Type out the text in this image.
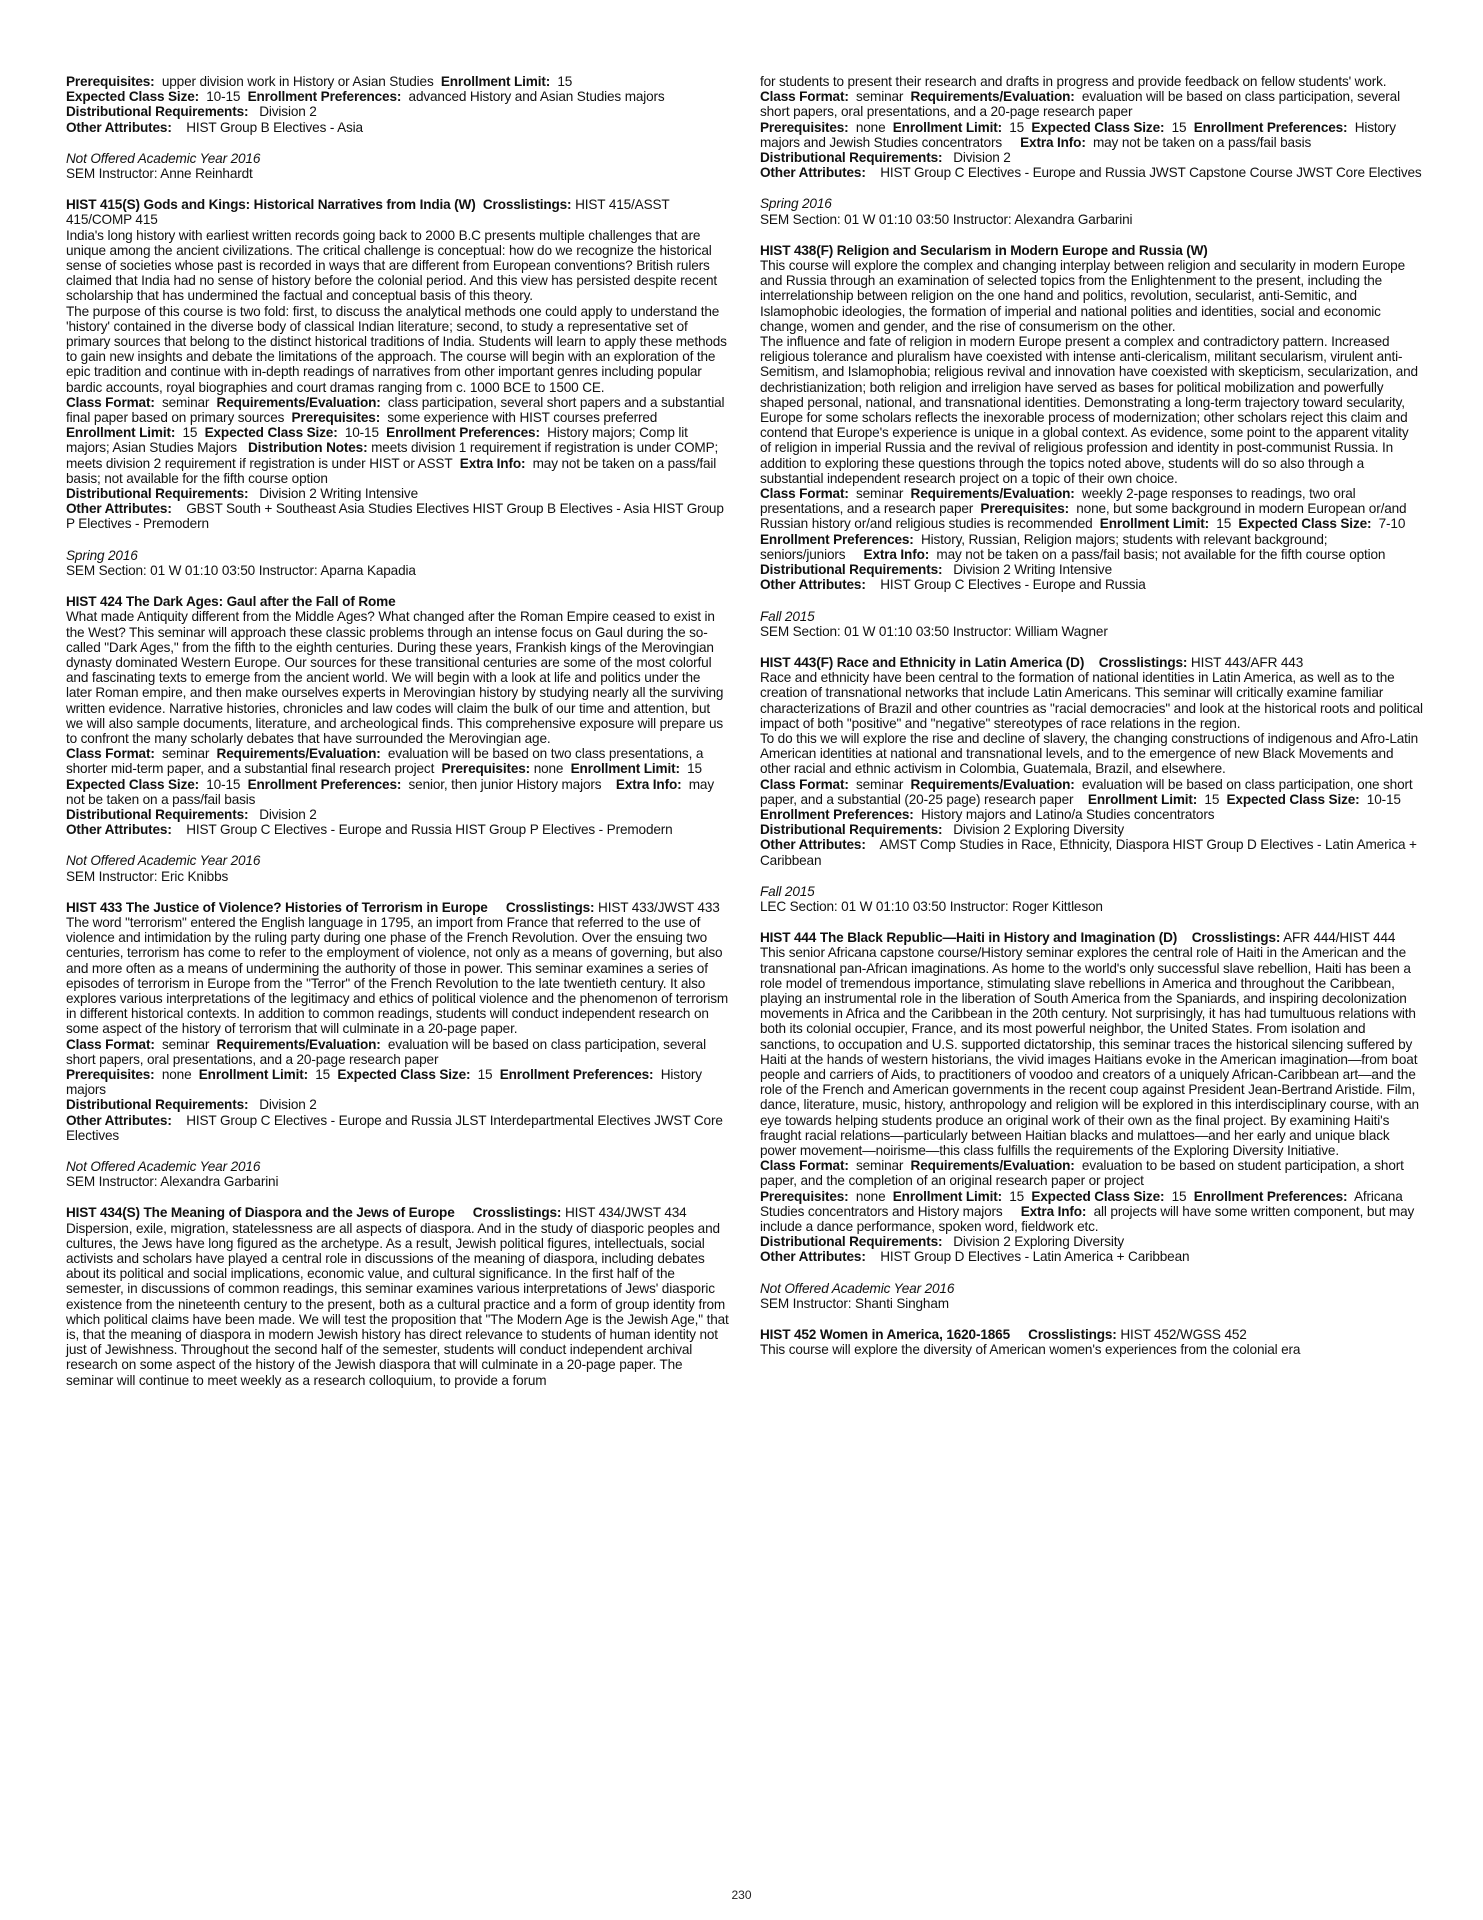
Prerequisites: upper division work in History or Asian Studies Enrollment Limit: 15
Expected Class Size: 10-15 Enrollment Preferences: advanced History and Asian Studies majors
Distributional Requirements: Division 2
Other Attributes: HIST Group B Electives - Asia
Not Offered Academic Year 2016
SEM Instructor: Anne Reinhardt
HIST 415(S) Gods and Kings: Historical Narratives from India (W) Crosslistings: HIST 415/ASST 415/COMP 415
India's long history with earliest written records going back to 2000 B.C presents multiple challenges that are unique among the ancient civilizations. The critical challenge is conceptual: how do we recognize the historical sense of societies whose past is recorded in ways that are different from European conventions? British rulers claimed that India had no sense of history before the colonial period. And this view has persisted despite recent scholarship that has undermined the factual and conceptual basis of this theory.
The purpose of this course is two fold: first, to discuss the analytical methods one could apply to understand the 'history' contained in the diverse body of classical Indian literature; second, to study a representative set of primary sources that belong to the distinct historical traditions of India. Students will learn to apply these methods to gain new insights and debate the limitations of the approach. The course will begin with an exploration of the epic tradition and continue with in-depth readings of narratives from other important genres including popular bardic accounts, royal biographies and court dramas ranging from c. 1000 BCE to 1500 CE.
Class Format: seminar Requirements/Evaluation: class participation, several short papers and a substantial final paper based on primary sources Prerequisites: some experience with HIST courses preferred  Enrollment Limit: 15 Expected Class Size: 10-15 Enrollment Preferences: History majors; Comp lit majors; Asian Studies Majors Distribution Notes: meets division 1 requirement if registration is under COMP; meets division 2 requirement if registration is under HIST or ASST Extra Info: may not be taken on a pass/fail basis; not available for the fifth course option
Distributional Requirements: Division 2 Writing Intensive
Other Attributes: GBST South + Southeast Asia Studies Electives HIST Group B Electives - Asia HIST Group P Electives - Premodern
Spring 2016
SEM Section: 01 W 01:10 03:50 Instructor: Aparna Kapadia
HIST 424 The Dark Ages: Gaul after the Fall of Rome
What made Antiquity different from the Middle Ages? What changed after the Roman Empire ceased to exist in the West? This seminar will approach these classic problems through an intense focus on Gaul during the so-called "Dark Ages," from the fifth to the eighth centuries. During these years, Frankish kings of the Merovingian dynasty dominated Western Europe. Our sources for these transitional centuries are some of the most colorful and fascinating texts to emerge from the ancient world. We will begin with a look at life and politics under the later Roman empire, and then make ourselves experts in Merovingian history by studying nearly all the surviving written evidence. Narrative histories, chronicles and law codes will claim the bulk of our time and attention, but we will also sample documents, literature, and archeological finds. This comprehensive exposure will prepare us to confront the many scholarly debates that have surrounded the Merovingian age.
Class Format: seminar Requirements/Evaluation: evaluation will be based on two class presentations, a shorter mid-term paper, and a substantial final research project Prerequisites: none Enrollment Limit: 15  Expected Class Size: 10-15 Enrollment Preferences: senior, then junior History majors Extra Info: may not be taken on a pass/fail basis
Distributional Requirements: Division 2
Other Attributes: HIST Group C Electives - Europe and Russia HIST Group P Electives - Premodern
Not Offered Academic Year 2016
SEM Instructor: Eric Knibbs
HIST 433 The Justice of Violence? Histories of Terrorism in Europe Crosslistings: HIST 433/JWST 433
The word "terrorism" entered the English language in 1795, an import from France that referred to the use of violence and intimidation by the ruling party during one phase of the French Revolution. Over the ensuing two centuries, terrorism has come to refer to the employment of violence, not only as a means of governing, but also and more often as a means of undermining the authority of those in power. This seminar examines a series of episodes of terrorism in Europe from the "Terror" of the French Revolution to the late twentieth century. It also explores various interpretations of the legitimacy and ethics of political violence and the phenomenon of terrorism in different historical contexts. In addition to common readings, students will conduct independent research on some aspect of the history of terrorism that will culminate in a 20-page paper.
Class Format: seminar Requirements/Evaluation: evaluation will be based on class participation, several short papers, oral presentations, and a 20-page research paper
Prerequisites: none Enrollment Limit: 15 Expected Class Size: 15 Enrollment Preferences: History majors
Distributional Requirements: Division 2
Other Attributes: HIST Group C Electives - Europe and Russia JLST Interdepartmental Electives JWST Core Electives
Not Offered Academic Year 2016
SEM Instructor: Alexandra Garbarini
HIST 434(S) The Meaning of Diaspora and the Jews of Europe Crosslistings: HIST 434/JWST 434
Dispersion, exile, migration, statelessness are all aspects of diaspora. And in the study of diasporic peoples and cultures, the Jews have long figured as the archetype. As a result, Jewish political figures, intellectuals, social activists and scholars have played a central role in discussions of the meaning of diaspora, including debates about its political and social implications, economic value, and cultural significance. In the first half of the semester, in discussions of common readings, this seminar examines various interpretations of Jews' diasporic existence from the nineteenth century to the present, both as a cultural practice and a form of group identity from which political claims have been made. We will test the proposition that "The Modern Age is the Jewish Age," that is, that the meaning of diaspora in modern Jewish history has direct relevance to students of human identity not just of Jewishness. Throughout the second half of the semester, students will conduct independent archival research on some aspect of the history of the Jewish diaspora that will culminate in a 20-page paper. The seminar will continue to meet weekly as a research colloquium, to provide a forum
for students to present their research and drafts in progress and provide feedback on fellow students' work.
Class Format: seminar Requirements/Evaluation: evaluation will be based on class participation, several short papers, oral presentations, and a 20-page research paper
Prerequisites: none Enrollment Limit: 15 Expected Class Size: 15 Enrollment Preferences: History majors and Jewish Studies concentrators Extra Info: may not be taken on a pass/fail basis
Distributional Requirements: Division 2
Other Attributes: HIST Group C Electives - Europe and Russia JWST Capstone Course JWST Core Electives
Spring 2016
SEM Section: 01 W 01:10 03:50 Instructor: Alexandra Garbarini
HIST 438(F) Religion and Secularism in Modern Europe and Russia (W)
This course will explore the complex and changing interplay between religion and secularity in modern Europe and Russia through an examination of selected topics from the Enlightenment to the present, including the interrelationship between religion on the one hand and politics, revolution, secularist, anti-Semitic, and Islamophobic ideologies, the formation of imperial and national polities and identities, social and economic change, women and gender, and the rise of consumerism on the other.
The influence and fate of religion in modern Europe present a complex and contradictory pattern. Increased religious tolerance and pluralism have coexisted with intense anti-clericalism, militant secularism, virulent anti-Semitism, and Islamophobia; religious revival and innovation have coexisted with skepticism, secularization, and dechristianization; both religion and irreligion have served as bases for political mobilization and powerfully shaped personal, national, and transnational identities. Demonstrating a long-term trajectory toward secularity, Europe for some scholars reflects the inexorable process of modernization; other scholars reject this claim and contend that Europe's experience is unique in a global context. As evidence, some point to the apparent vitality of religion in imperial Russia and the revival of religious profession and identity in post-communist Russia. In addition to exploring these questions through the topics noted above, students will do so also through a substantial independent research project on a topic of their own choice.
Class Format: seminar Requirements/Evaluation: weekly 2-page responses to readings, two oral presentations, and a research paper Prerequisites: none, but some background in modern European or/and Russian history or/and religious studies is recommended Enrollment Limit: 15 Expected Class Size: 7-10  Enrollment Preferences: History, Russian, Religion majors; students with relevant background; seniors/juniors Extra Info: may not be taken on a pass/fail basis; not available for the fifth course option
Distributional Requirements: Division 2 Writing Intensive
Other Attributes: HIST Group C Electives - Europe and Russia
Fall 2015
SEM Section: 01 W 01:10 03:50 Instructor: William Wagner
HIST 443(F) Race and Ethnicity in Latin America (D) Crosslistings: HIST 443/AFR 443
Race and ethnicity have been central to the formation of national identities in Latin America, as well as to the creation of transnational networks that include Latin Americans. This seminar will critically examine familiar characterizations of Brazil and other countries as "racial democracies" and look at the historical roots and political impact of both "positive" and "negative" stereotypes of race relations in the region.
To do this we will explore the rise and decline of slavery, the changing constructions of indigenous and Afro-Latin American identities at national and transnational levels, and to the emergence of new Black Movements and other racial and ethnic activism in Colombia, Guatemala, Brazil, and elsewhere.
Class Format: seminar Requirements/Evaluation: evaluation will be based on class participation, one short paper, and a substantial (20-25 page) research paper Enrollment Limit: 15 Expected Class Size: 10-15  Enrollment Preferences: History majors and Latino/a Studies concentrators
Distributional Requirements: Division 2 Exploring Diversity
Other Attributes: AMST Comp Studies in Race, Ethnicity, Diaspora HIST Group D Electives - Latin America + Caribbean
Fall 2015
LEC Section: 01 W 01:10 03:50 Instructor: Roger Kittleson
HIST 444 The Black Republic—Haiti in History and Imagination (D) Crosslistings: AFR 444/HIST 444
This senior Africana capstone course/History seminar explores the central role of Haiti in the American and the transnational pan-African imaginations. As home to the world's only successful slave rebellion, Haiti has been a role model of tremendous importance, stimulating slave rebellions in America and throughout the Caribbean, playing an instrumental role in the liberation of South America from the Spaniards, and inspiring decolonization movements in Africa and the Caribbean in the 20th century. Not surprisingly, it has had tumultuous relations with both its colonial occupier, France, and its most powerful neighbor, the United States. From isolation and sanctions, to occupation and U.S. supported dictatorship, this seminar traces the historical silencing suffered by Haiti at the hands of western historians, the vivid images Haitians evoke in the American imagination—from boat people and carriers of Aids, to practitioners of voodoo and creators of a uniquely African-Caribbean art—and the role of the French and American governments in the recent coup against President Jean-Bertrand Aristide. Film, dance, literature, music, history, anthropology and religion will be explored in this interdisciplinary course, with an eye towards helping students produce an original work of their own as the final project. By examining Haiti's fraught racial relations—particularly between Haitian blacks and mulattoes—and her early and unique black power movement—noirisme—this class fulfills the requirements of the Exploring Diversity Initiative.
Class Format: seminar Requirements/Evaluation: evaluation to be based on student participation, a short paper, and the completion of an original research paper or project
Prerequisites: none Enrollment Limit: 15 Expected Class Size: 15 Enrollment Preferences: Africana Studies concentrators and History majors Extra Info: all projects will have some written component, but may include a dance performance, spoken word, fieldwork etc.
Distributional Requirements: Division 2 Exploring Diversity
Other Attributes: HIST Group D Electives - Latin America + Caribbean
Not Offered Academic Year 2016
SEM Instructor: Shanti Singham
HIST 452 Women in America, 1620-1865 Crosslistings: HIST 452/WGSS 452
This course will explore the diversity of American women's experiences from the colonial era
230
